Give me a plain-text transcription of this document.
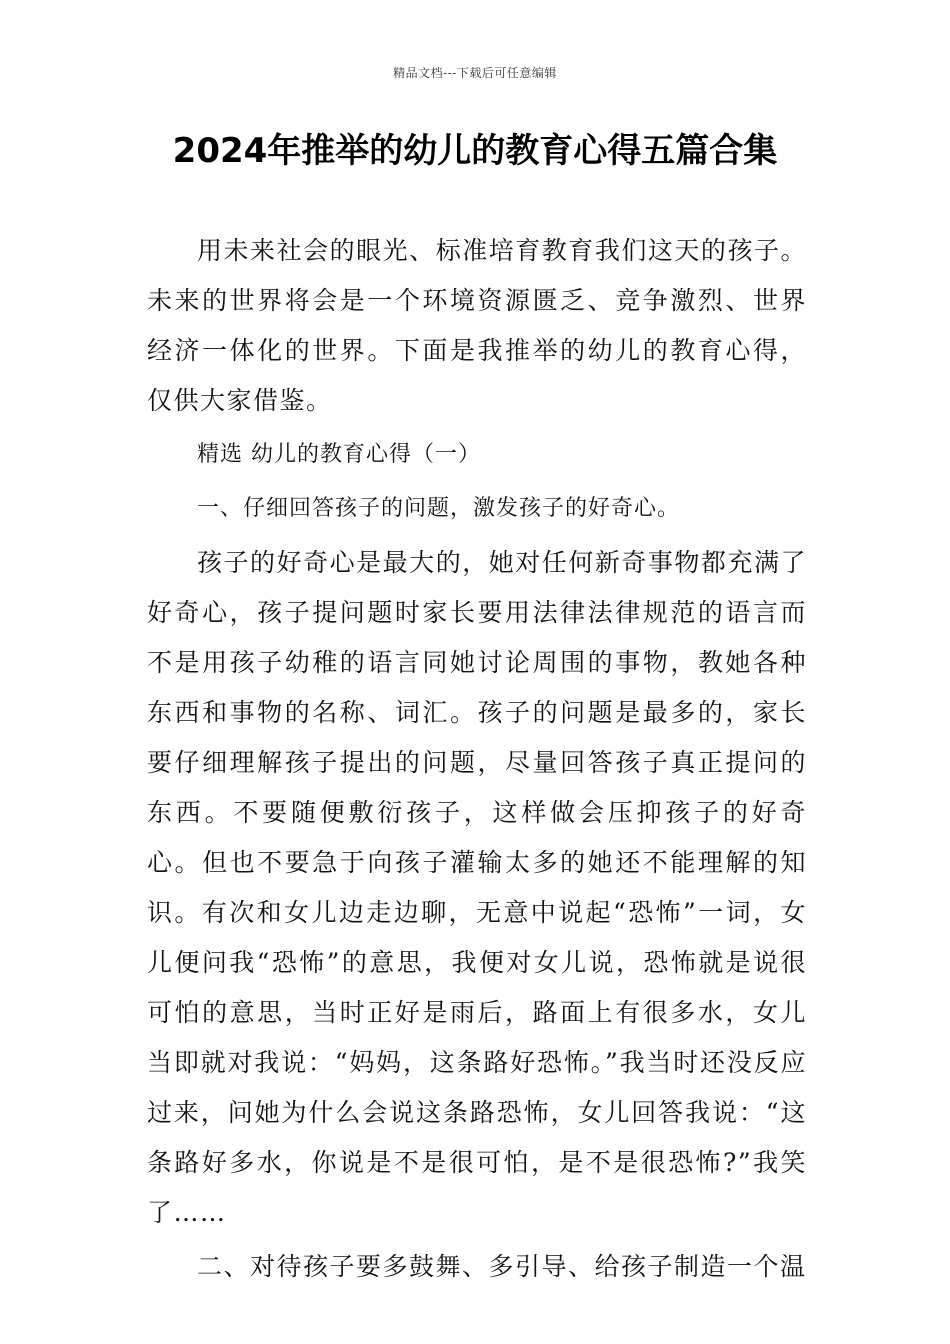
精品文档---下载后可任意编辑
2024年推举的幼儿的教育心得五篇合集

用未来社会的眼光、标准培育教育我们这天的孩子。未来的世界将会是一个环境资源匮乏、竞争激烈、世界经济一体化的世界。下面是我推举的幼儿的教育心得，仅供大家借鉴。

精选 幼儿的教育心得（一）

一、仔细回答孩子的问题，激发孩子的好奇心。

孩子的好奇心是最大的，她对任何新奇事物都充满了好奇心，孩子提问题时家长要用法律法律规范的语言而不是用孩子幼稚的语言同她讨论周围的事物，教她各种东西和事物的名称、词汇。孩子的问题是最多的，家长要仔细理解孩子提出的问题，尽量回答孩子真正提问的东西。不要随便敷衍孩子，这样做会压抑孩子的好奇心。但也不要急于向孩子灌输太多的她还不能理解的知识。有次和女儿边走边聊，无意中说起“恐怖”一词，女儿便问我“恐怖”的意思，我便对女儿说，恐怖就是说很可怕的意思，当时正好是雨后，路面上有很多水，女儿当即就对我说：“妈妈，这条路好恐怖。”我当时还没反应过来，问她为什么会说这条路恐怖，女儿回答我说：“这条路好多水，你说是不是很可怕，是不是很恐怖?”我笑了……

二、对待孩子要多鼓舞、多引导、给孩子制造一个温
